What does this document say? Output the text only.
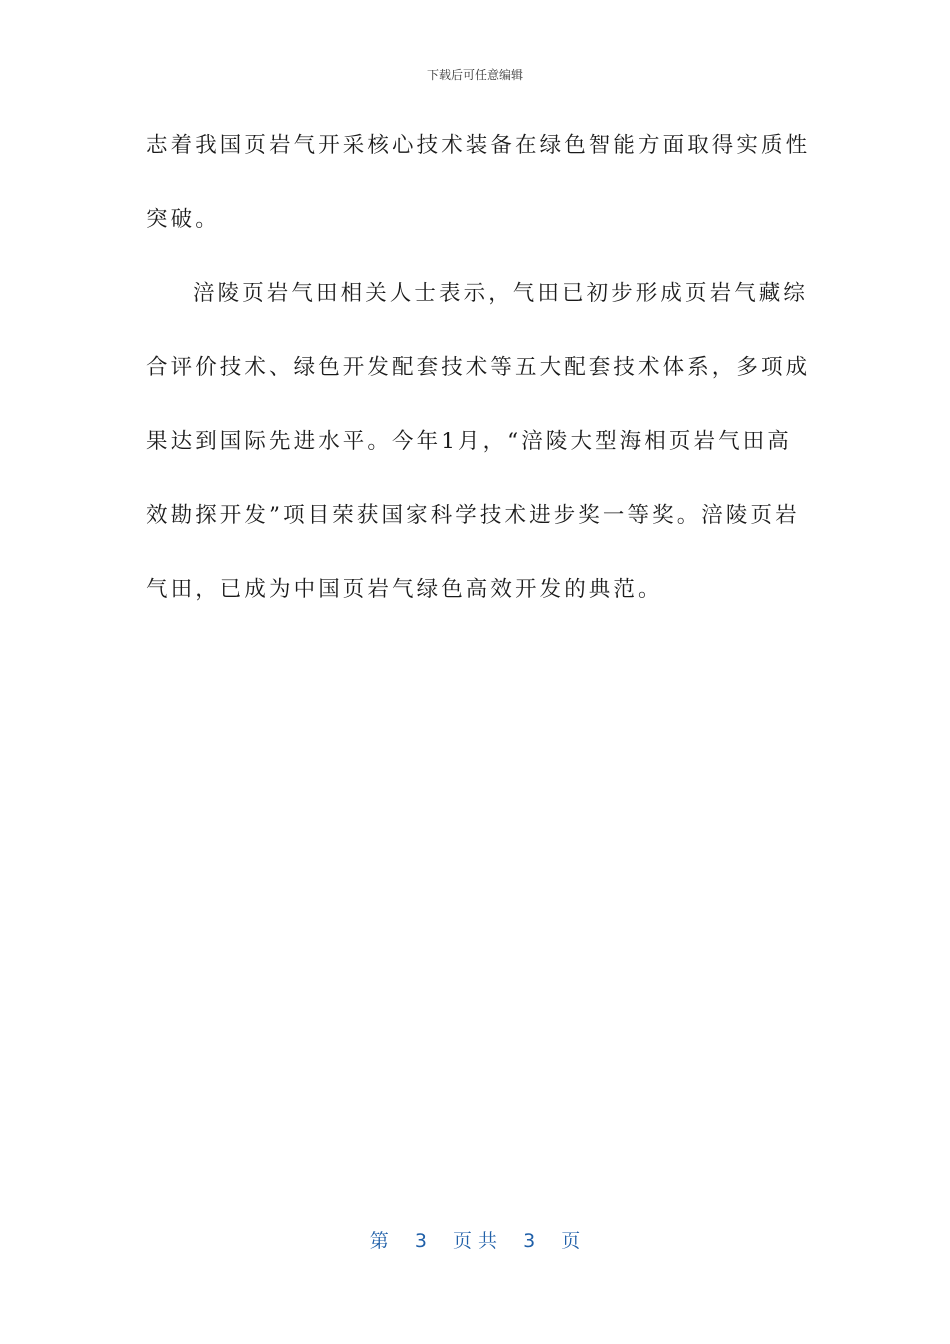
下载后可任意编辑
志着我国页岩气开采核心技术装备在绿色智能方面取得实质性
突破。
涪陵页岩气田相关人士表示，气田已初步形成页岩气藏综
合评价技术、绿色开发配套技术等五大配套技术体系，多项成
果达到国际先进水平。今年1月，“涪陵大型海相页岩气田高
效勘探开发”项目荣获国家科学技术进步奖一等奖。涪陵页岩
气田，已成为中国页岩气绿色高效开发的典范。
第 3 页 共 3 页
